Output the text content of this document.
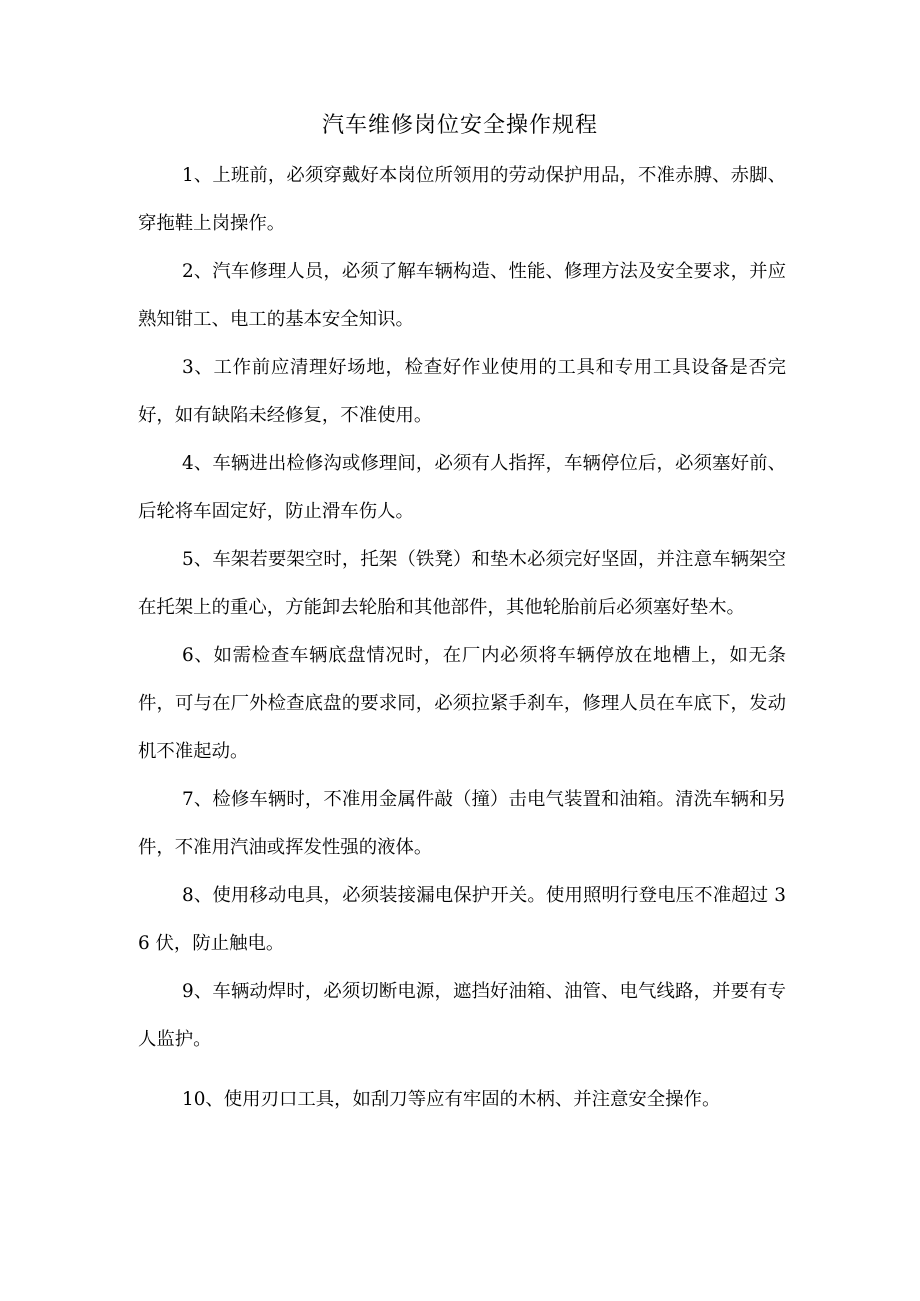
汽车维修岗位安全操作规程

1、上班前，必须穿戴好本岗位所领用的劳动保护用品，不准赤膊、赤脚、穿拖鞋上岗操作。

2、汽车修理人员，必须了解车辆构造、性能、修理方法及安全要求，并应熟知钳工、电工的基本安全知识。

3、工作前应清理好场地，检查好作业使用的工具和专用工具设备是否完好，如有缺陷未经修复，不准使用。

4、车辆进出检修沟或修理间，必须有人指挥，车辆停位后，必须塞好前、后轮将车固定好，防止滑车伤人。

5、车架若要架空时，托架（铁凳）和垫木必须完好坚固，并注意车辆架空在托架上的重心，方能卸去轮胎和其他部件，其他轮胎前后必须塞好垫木。

6、如需检查车辆底盘情况时，在厂内必须将车辆停放在地槽上，如无条件，可与在厂外检查底盘的要求同，必须拉紧手刹车，修理人员在车底下，发动机不准起动。

7、检修车辆时，不准用金属件敲（撞）击电气装置和油箱。清洗车辆和另件，不准用汽油或挥发性强的液体。

8、使用移动电具，必须装接漏电保护开关。使用照明行登电压不准超过 36 伏，防止触电。

9、车辆动焊时，必须切断电源，遮挡好油箱、油管、电气线路，并要有专人监护。

10、使用刃口工具，如刮刀等应有牢固的木柄、并注意安全操作。
